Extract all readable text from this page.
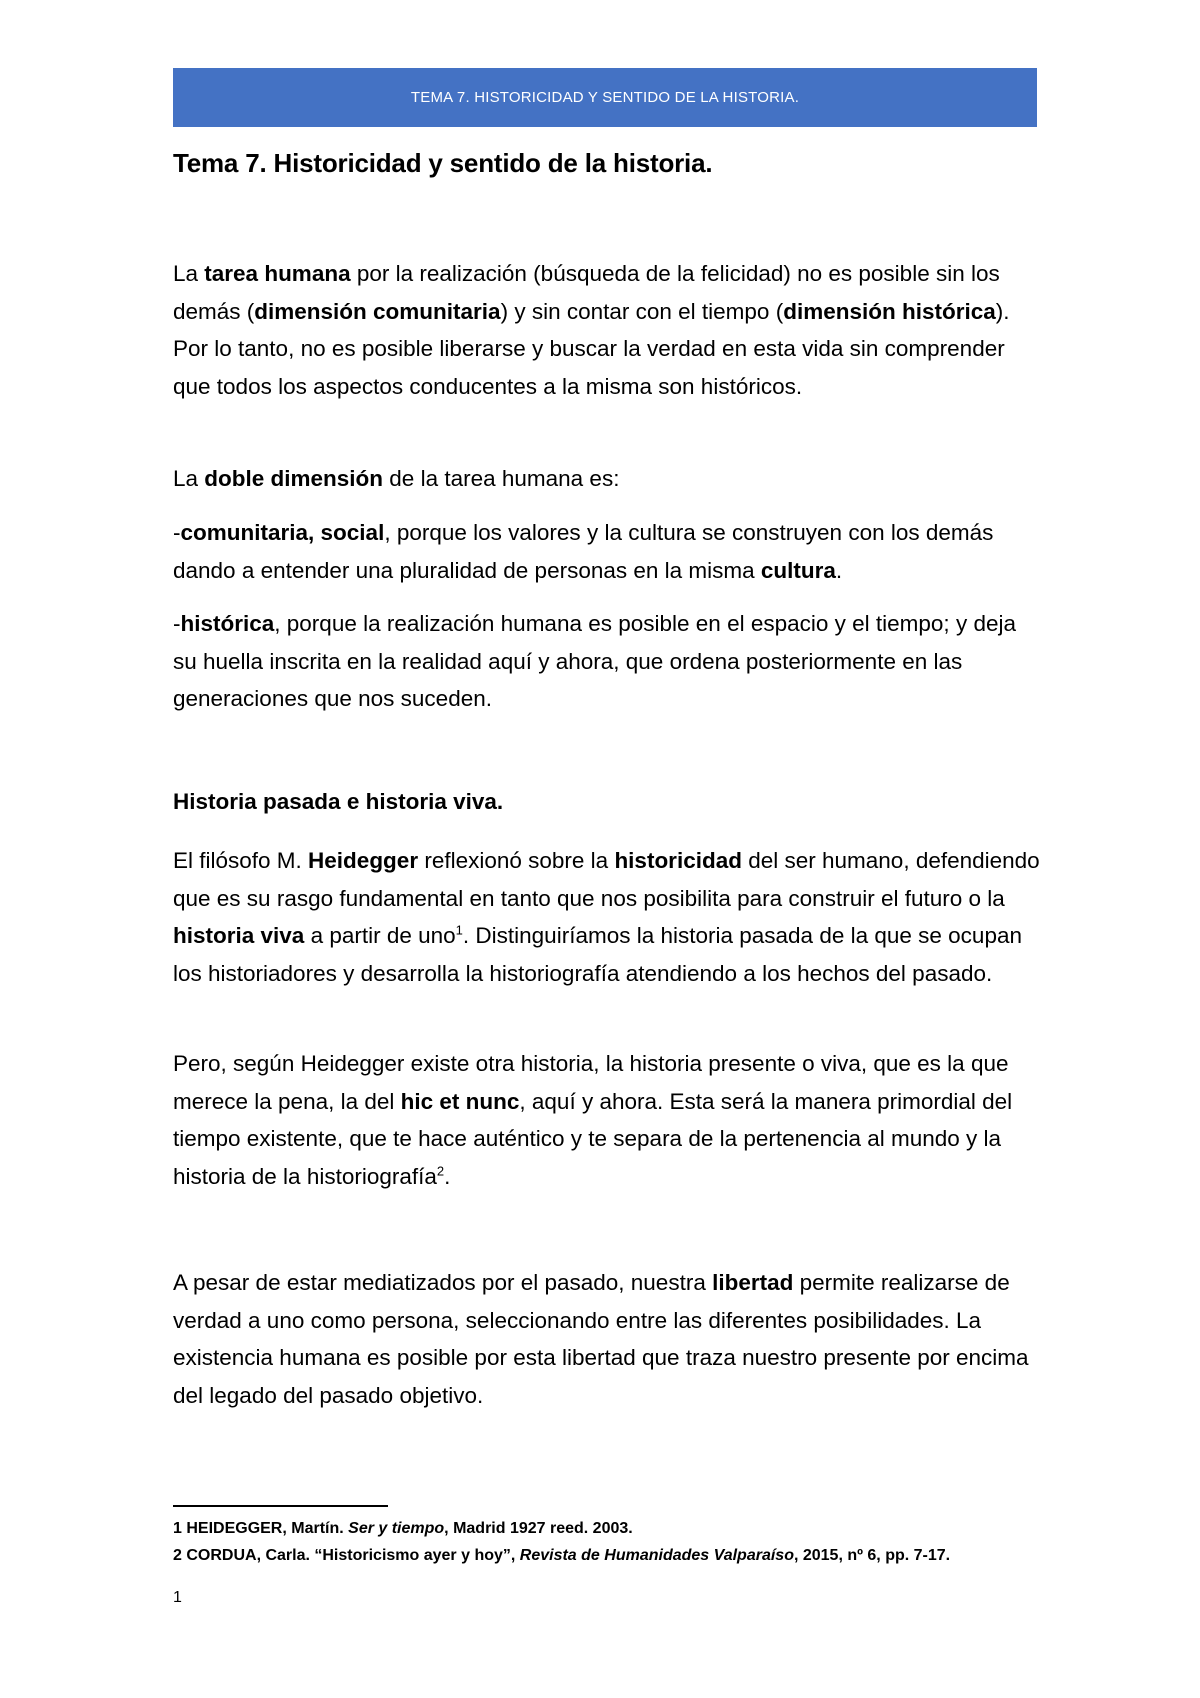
TEMA 7. HISTORICIDAD Y SENTIDO DE LA HISTORIA.
Tema 7. Historicidad y sentido de la historia.

La tarea humana por la realización (búsqueda de la felicidad) no es posible sin los demás (dimensión comunitaria) y sin contar con el tiempo (dimensión histórica). Por lo tanto, no es posible liberarse y buscar la verdad en esta vida sin comprender que todos los aspectos conducentes a la misma son históricos.

La doble dimensión de la tarea humana es:

-comunitaria, social, porque los valores y la cultura se construyen con los demás dando a entender una pluralidad de personas en la misma cultura.

-histórica, porque la realización humana es posible en el espacio y el tiempo; y deja su huella inscrita en la realidad aquí y ahora, que ordena posteriormente en las generaciones que nos suceden.

Historia pasada e historia viva.

El filósofo M. Heidegger reflexionó sobre la historicidad del ser humano, defendiendo que es su rasgo fundamental en tanto que nos posibilita para construir el futuro o la historia viva a partir de uno$^1$. Distinguiríamos la historia pasada de la que se ocupan los historiadores y desarrolla la historiografía atendiendo a los hechos del pasado.

Pero, según Heidegger existe otra historia, la historia presente o viva, que es la que merece la pena, la del hic et nunc, aquí y ahora. Esta será la manera primordial del tiempo existente, que te hace auténtico y te separa de la pertenencia al mundo y la historia de la historiografía$^2$.

A pesar de estar mediatizados por el pasado, nuestra libertad permite realizarse de verdad a uno como persona, seleccionando entre las diferentes posibilidades. La existencia humana es posible por esta libertad que traza nuestro presente por encima del legado del pasado objetivo.

1 HEIDEGGER, Martín. Ser y tiempo, Madrid 1927 reed. 2003.
2 CORDUA, Carla. “Historicismo ayer y hoy”, Revista de Humanidades Valparaíso, 2015, nº 6, pp. 7-17.
1
